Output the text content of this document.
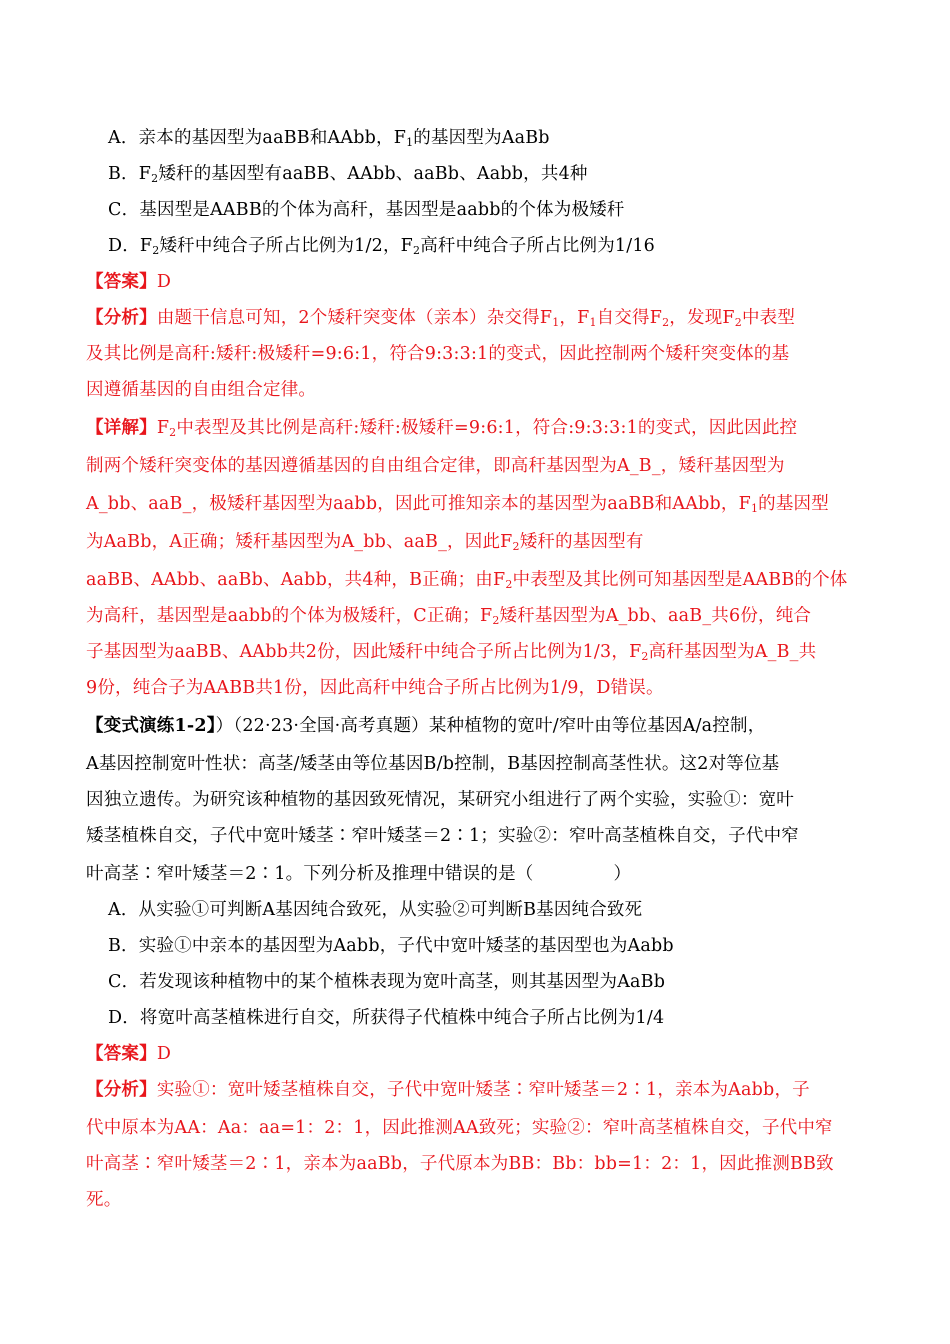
A．亲本的基因型为aaBB和AAbb，$F_1$的基因型为AaBb
B．$F_2$矮秆的基因型有aaBB、AAbb、aaBb、Aabb，共4种
C．基因型是AABB的个体为高秆，基因型是aabb的个体为极矮秆
D．$F_2$矮秆中纯合子所占比例为1/2，$F_2$高秆中纯合子所占比例为1/16
【答案】D
【分析】由题干信息可知，2个矮秆突变体（亲本）杂交得$F_1$，$F_1$自交得$F_2$，发现$F_2$中表型
及其比例是高秆:矮秆:极矮秆=9:6:1，符合9:3:3:1的变式，因此控制两个矮秆突变体的基
因遵循基因的自由组合定律。
【详解】$F_2$中表型及其比例是高秆:矮秆:极矮秆=9:6:1，符合:9:3:3:1的变式，因此因此控
制两个矮秆突变体的基因遵循基因的自由组合定律，即高秆基因型为A_B_，矮秆基因型为
A_bb、aaB_，极矮秆基因型为aabb，因此可推知亲本的基因型为aaBB和AAbb，$F_1$的基因型
为AaBb，A正确；矮秆基因型为A_bb、aaB_，因此$F_2$矮秆的基因型有
aaBB、AAbb、aaBb、Aabb，共4种，B正确；由$F_2$中表型及其比例可知基因型是AABB的个体
为高秆，基因型是aabb的个体为极矮秆，C正确；$F_2$矮秆基因型为A_bb、aaB_共6份，纯合
子基因型为aaBB、AAbb共2份，因此矮秆中纯合子所占比例为1/3，$F_2$高秆基因型为A_B_共
9份，纯合子为AABB共1份，因此高秆中纯合子所占比例为1/9，D错误。
【变式演练1-2】）（22·23·全国·高考真题）某种植物的宽叶/窄叶由等位基因A/a控制，
A基因控制宽叶性状：高茎/矮茎由等位基因B/b控制，B基因控制高茎性状。这2对等位基
因独立遗传。为研究该种植物的基因致死情况，某研究小组进行了两个实验，实验①：宽叶
矮茎植株自交，子代中宽叶矮茎∶窄叶矮茎＝2∶1；实验②：窄叶高茎植株自交，子代中窄
叶高茎∶窄叶矮茎＝2∶1。下列分析及推理中错误的是（	）
A．从实验①可判断A基因纯合致死，从实验②可判断B基因纯合致死
B．实验①中亲本的基因型为Aabb，子代中宽叶矮茎的基因型也为Aabb
C．若发现该种植物中的某个植株表现为宽叶高茎，则其基因型为AaBb
D．将宽叶高茎植株进行自交，所获得子代植株中纯合子所占比例为1/4
【答案】D
【分析】实验①：宽叶矮茎植株自交，子代中宽叶矮茎∶窄叶矮茎＝2∶1，亲本为Aabb，子
代中原本为AA：Aa：aa=1：2：1，因此推测AA致死；实验②：窄叶高茎植株自交，子代中窄
叶高茎∶窄叶矮茎＝2∶1，亲本为aaBb，子代原本为BB：Bb：bb=1：2：1，因此推测BB致
死。
